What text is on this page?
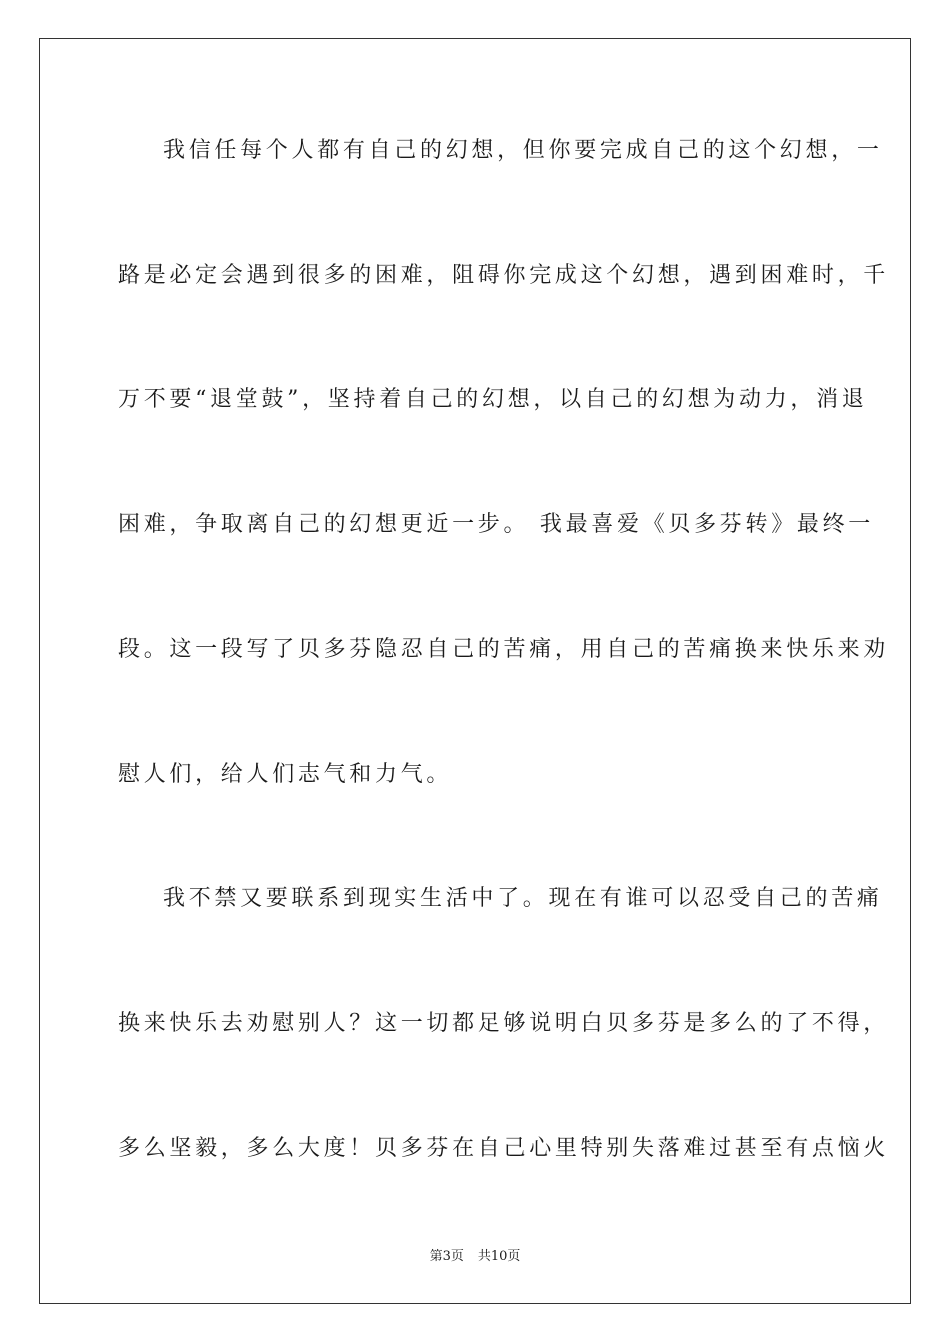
我信任每个人都有自己的幻想，但你要完成自己的这个幻想，一
路是必定会遇到很多的困难，阻碍你完成这个幻想，遇到困难时，千
万不要“退堂鼓”，坚持着自己的幻想，以自己的幻想为动力，消退
困难，争取离自己的幻想更近一步。 我最喜爱《贝多芬转》最终一
段。这一段写了贝多芬隐忍自己的苦痛，用自己的苦痛换来快乐来劝
慰人们，给人们志气和力气。
我不禁又要联系到现实生活中了。现在有谁可以忍受自己的苦痛
换来快乐去劝慰别人？这一切都足够说明白贝多芬是多么的了不得，
多么坚毅，多么大度！贝多芬在自己心里特别失落难过甚至有点恼火
第3页 共10页
